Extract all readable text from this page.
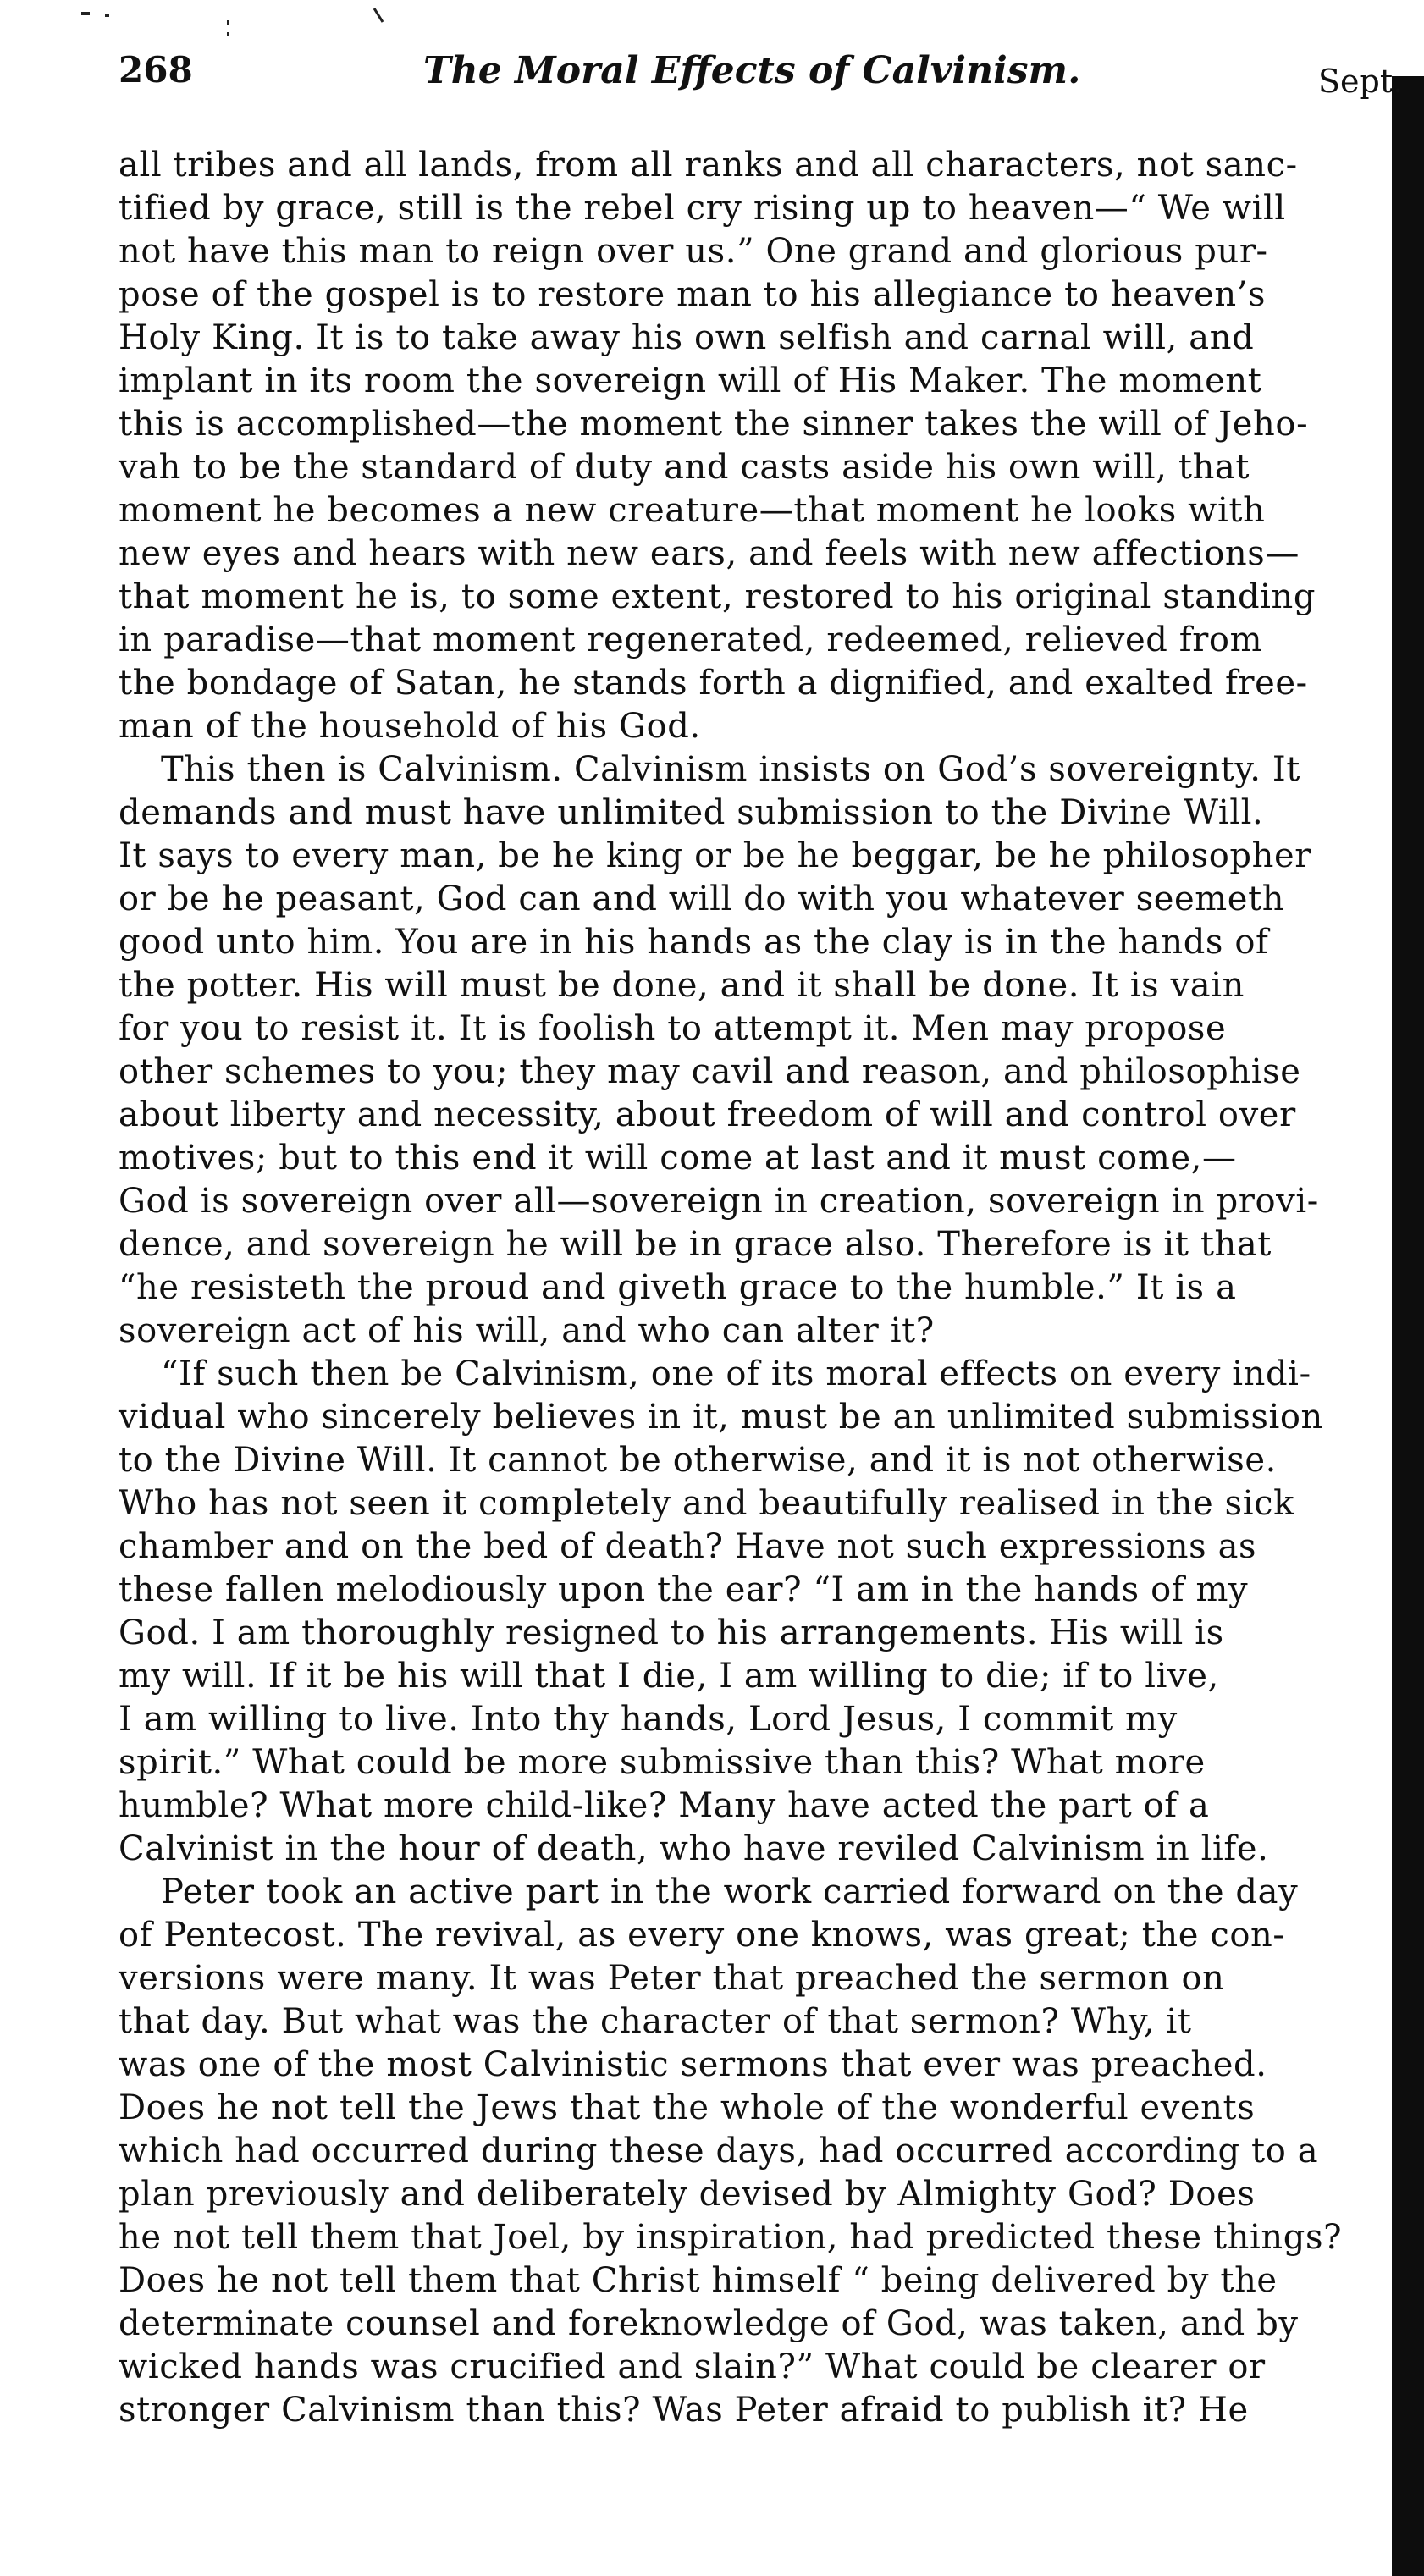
268	The Moral Effects of Calvinism.	Sept.

all tribes and all lands, from all ranks and all characters, not sanc-

tified by grace, still is the rebel cry rising up to heaven—“ We will

not have this man to reign over us.” One grand and glorious pur-

pose of the gospel is to restore man to his allegiance to heaven’s

Holy King. It is to take away his own selfish and carnal will, and

implant in its room the sovereign will of His Maker. The moment

this is accomplished—the moment the sinner takes the will of Jeho-

vah to be the standard of duty and casts aside his own will, that

moment he becomes a new creature—that moment he looks with

new eyes and hears with new ears, and feels with new affections—

that moment he is, to some extent, restored to his original standing

in paradise—that moment regenerated, redeemed, relieved from

the bondage of Satan, he stands forth a dignified, and exalted free-

man of the household of his God.

This then is Calvinism. Calvinism insists on God’s sovereignty. It

demands and must have unlimited submission to the Divine Will.

It says to every man, be he king or be he beggar, be he philosopher

or be he peasant, God can and will do with you whatever seemeth

good unto him. You are in his hands as the clay is in the hands of

the potter. His will must be done, and it shall be done. It is vain

for you to resist it. It is foolish to attempt it. Men may propose

other schemes to you; they may cavil and reason, and philosophise

about liberty and necessity, about freedom of will and control over

motives; but to this end it will come at last and it must come,—

God is sovereign over all—sovereign in creation, sovereign in provi-

dence, and sovereign he will be in grace also. Therefore is it that

“he resisteth the proud and giveth grace to the humble.” It is a

sovereign act of his will, and who can alter it?

“If such then be Calvinism, one of its moral effects on every indi-

vidual who sincerely believes in it, must be an unlimited submission

to the Divine Will. It cannot be otherwise, and it is not otherwise.

Who has not seen it completely and beautifully realised in the sick

chamber and on the bed of death? Have not such expressions as

these fallen melodiously upon the ear? “I am in the hands of my

God. I am thoroughly resigned to his arrangements. His will is

my will. If it be his will that I die, I am willing to die; if to live,

I am willing to live. Into thy hands, Lord Jesus, I commit my

spirit.” What could be more submissive than this? What more

humble? What more child-like? Many have acted the part of a

Calvinist in the hour of death, who have reviled Calvinism in life.

Peter took an active part in the work carried forward on the day

of Pentecost. The revival, as every one knows, was great; the con-

versions were many. It was Peter that preached the sermon on

that day. But what was the character of that sermon? Why, it

was one of the most Calvinistic sermons that ever was preached.

Does he not tell the Jews that the whole of the wonderful events

which had occurred during these days, had occurred according to a

plan previously and deliberately devised by Almighty God? Does

he not tell them that Joel, by inspiration, had predicted these things?

Does he not tell them that Christ himself “ being delivered by the

determinate counsel and foreknowledge of God, was taken, and by

wicked hands was crucified and slain?” What could be clearer or

stronger Calvinism than this? Was Peter afraid to publish it? He
